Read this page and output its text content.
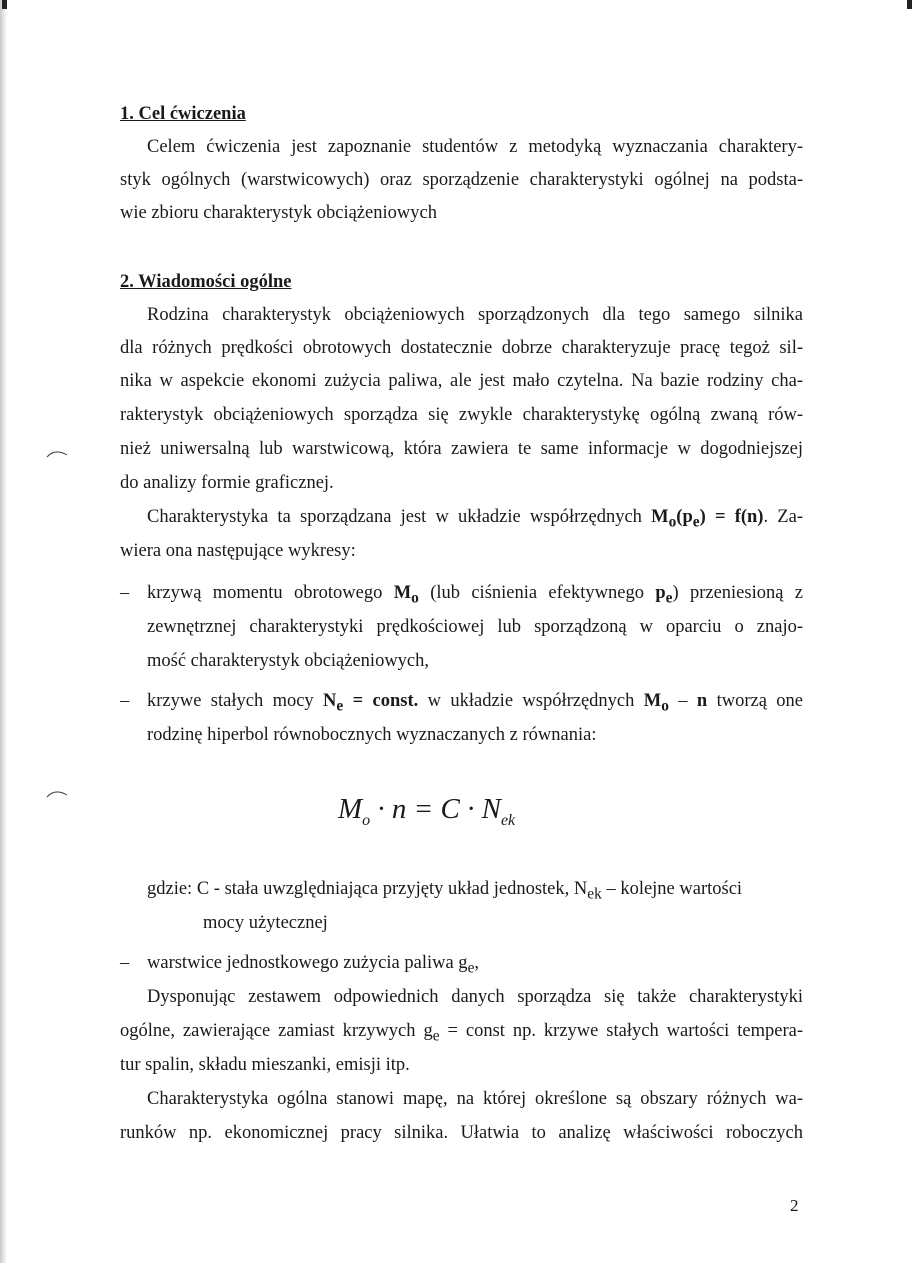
1. Cel ćwiczenia
Celem ćwiczenia jest zapoznanie studentów z metodyką wyznaczania charaktery-
styk ogólnych (warstwicowych) oraz sporządzenie charakterystyki ogólnej na podsta-
wie zbioru charakterystyk obciążeniowych
2. Wiadomości ogólne
Rodzina charakterystyk obciążeniowych sporządzonych dla tego samego silnika
dla różnych prędkości obrotowych dostatecznie dobrze charakteryzuje pracę tegoż sil-
nika w aspekcie ekonomi zużycia paliwa, ale jest mało czytelna. Na bazie rodziny cha-
rakterystyk obciążeniowych sporządza się zwykle charakterystykę ogólną zwaną rów-
nież uniwersalną lub warstwicową, która zawiera te same informacje w dogodniejszej
do analizy formie graficznej.
Charakterystyka ta sporządzana jest w układzie współrzędnych $M_o(p_e) = f(n)$. Za-
wiera ona następujące wykresy:
– krzywą momentu obrotowego $M_o$ (lub ciśnienia efektywnego $p_e$) przeniesioną z
zewnętrznej charakterystyki prędkościowej lub sporządzoną w oparciu o znajo-
mość charakterystyk obciążeniowych,
– krzywe stałych mocy $N_e$ = const. w układzie współrzędnych $M_o$ – n tworzą one
rodzinę hiperbol równobocznych wyznaczanych z równania:
$M_o \cdot n = C \cdot N_{ek}$
gdzie: C - stała uwzględniająca przyjęty układ jednostek, $N_{ek}$ – kolejne wartości
mocy użytecznej
– warstwice jednostkowego zużycia paliwa $g_e$,
Dysponując zestawem odpowiednich danych sporządza się także charakterystyki
ogólne, zawierające zamiast krzywych $g_e$ = const np. krzywe stałych wartości tempera-
tur spalin, składu mieszanki, emisji itp.
Charakterystyka ogólna stanowi mapę, na której określone są obszary różnych wa-
runków np. ekonomicznej pracy silnika. Ułatwia to analizę właściwości roboczych
2
